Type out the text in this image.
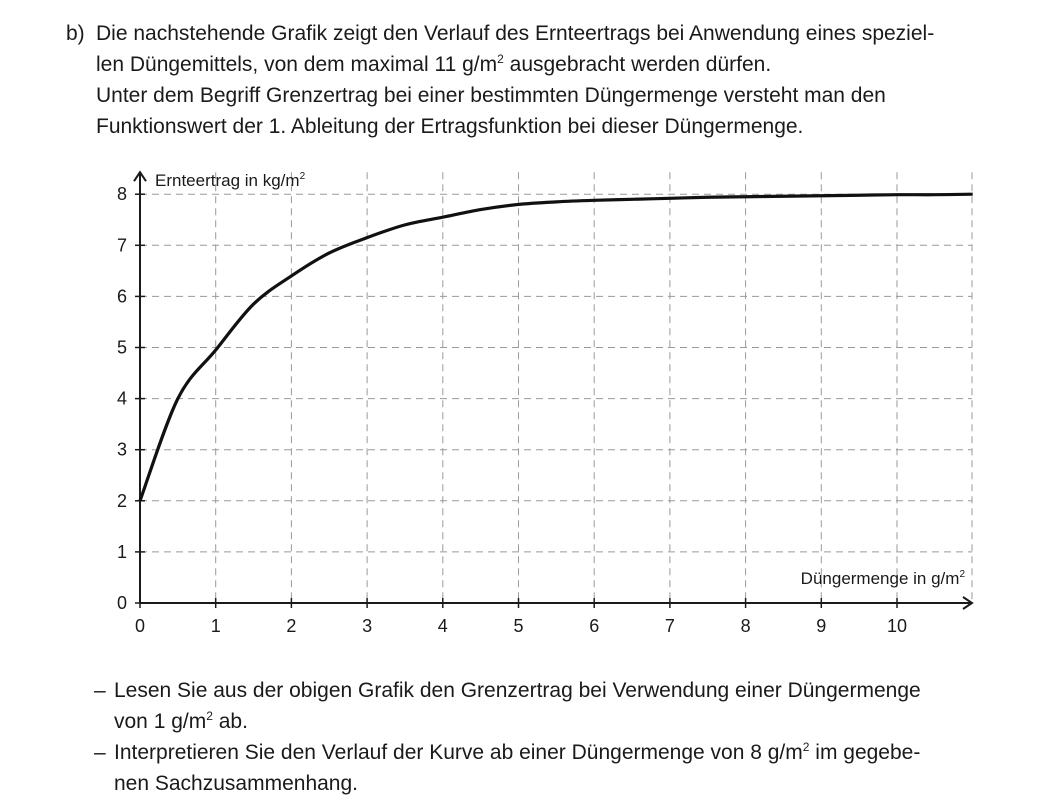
b) Die nachstehende Grafik zeigt den Verlauf des Ernteertrags bei Anwendung eines speziel-
len Düngemittels, von dem maximal 11 $g/m^2$ ausgebracht werden dürfen.
Unter dem Begriff Grenzertrag bei einer bestimmten Düngermenge versteht man den
Funktionswert der 1. Ableitung der Ertragsfunktion bei dieser Düngermenge.
0	1	2	3	4	5	6	7	8	9	10
0
1
2
3
4
5
6
7
8
Ernteertrag in $kg/m^2$
Düngermenge in $g/m^2$
– Lesen Sie aus der obigen Grafik den Grenzertrag bei Verwendung einer Düngermenge
von 1 $g/m^2$ ab.
– Interpretieren Sie den Verlauf der Kurve ab einer Düngermenge von 8 $g/m^2$ im gegebe-
nen Sachzusammenhang.
